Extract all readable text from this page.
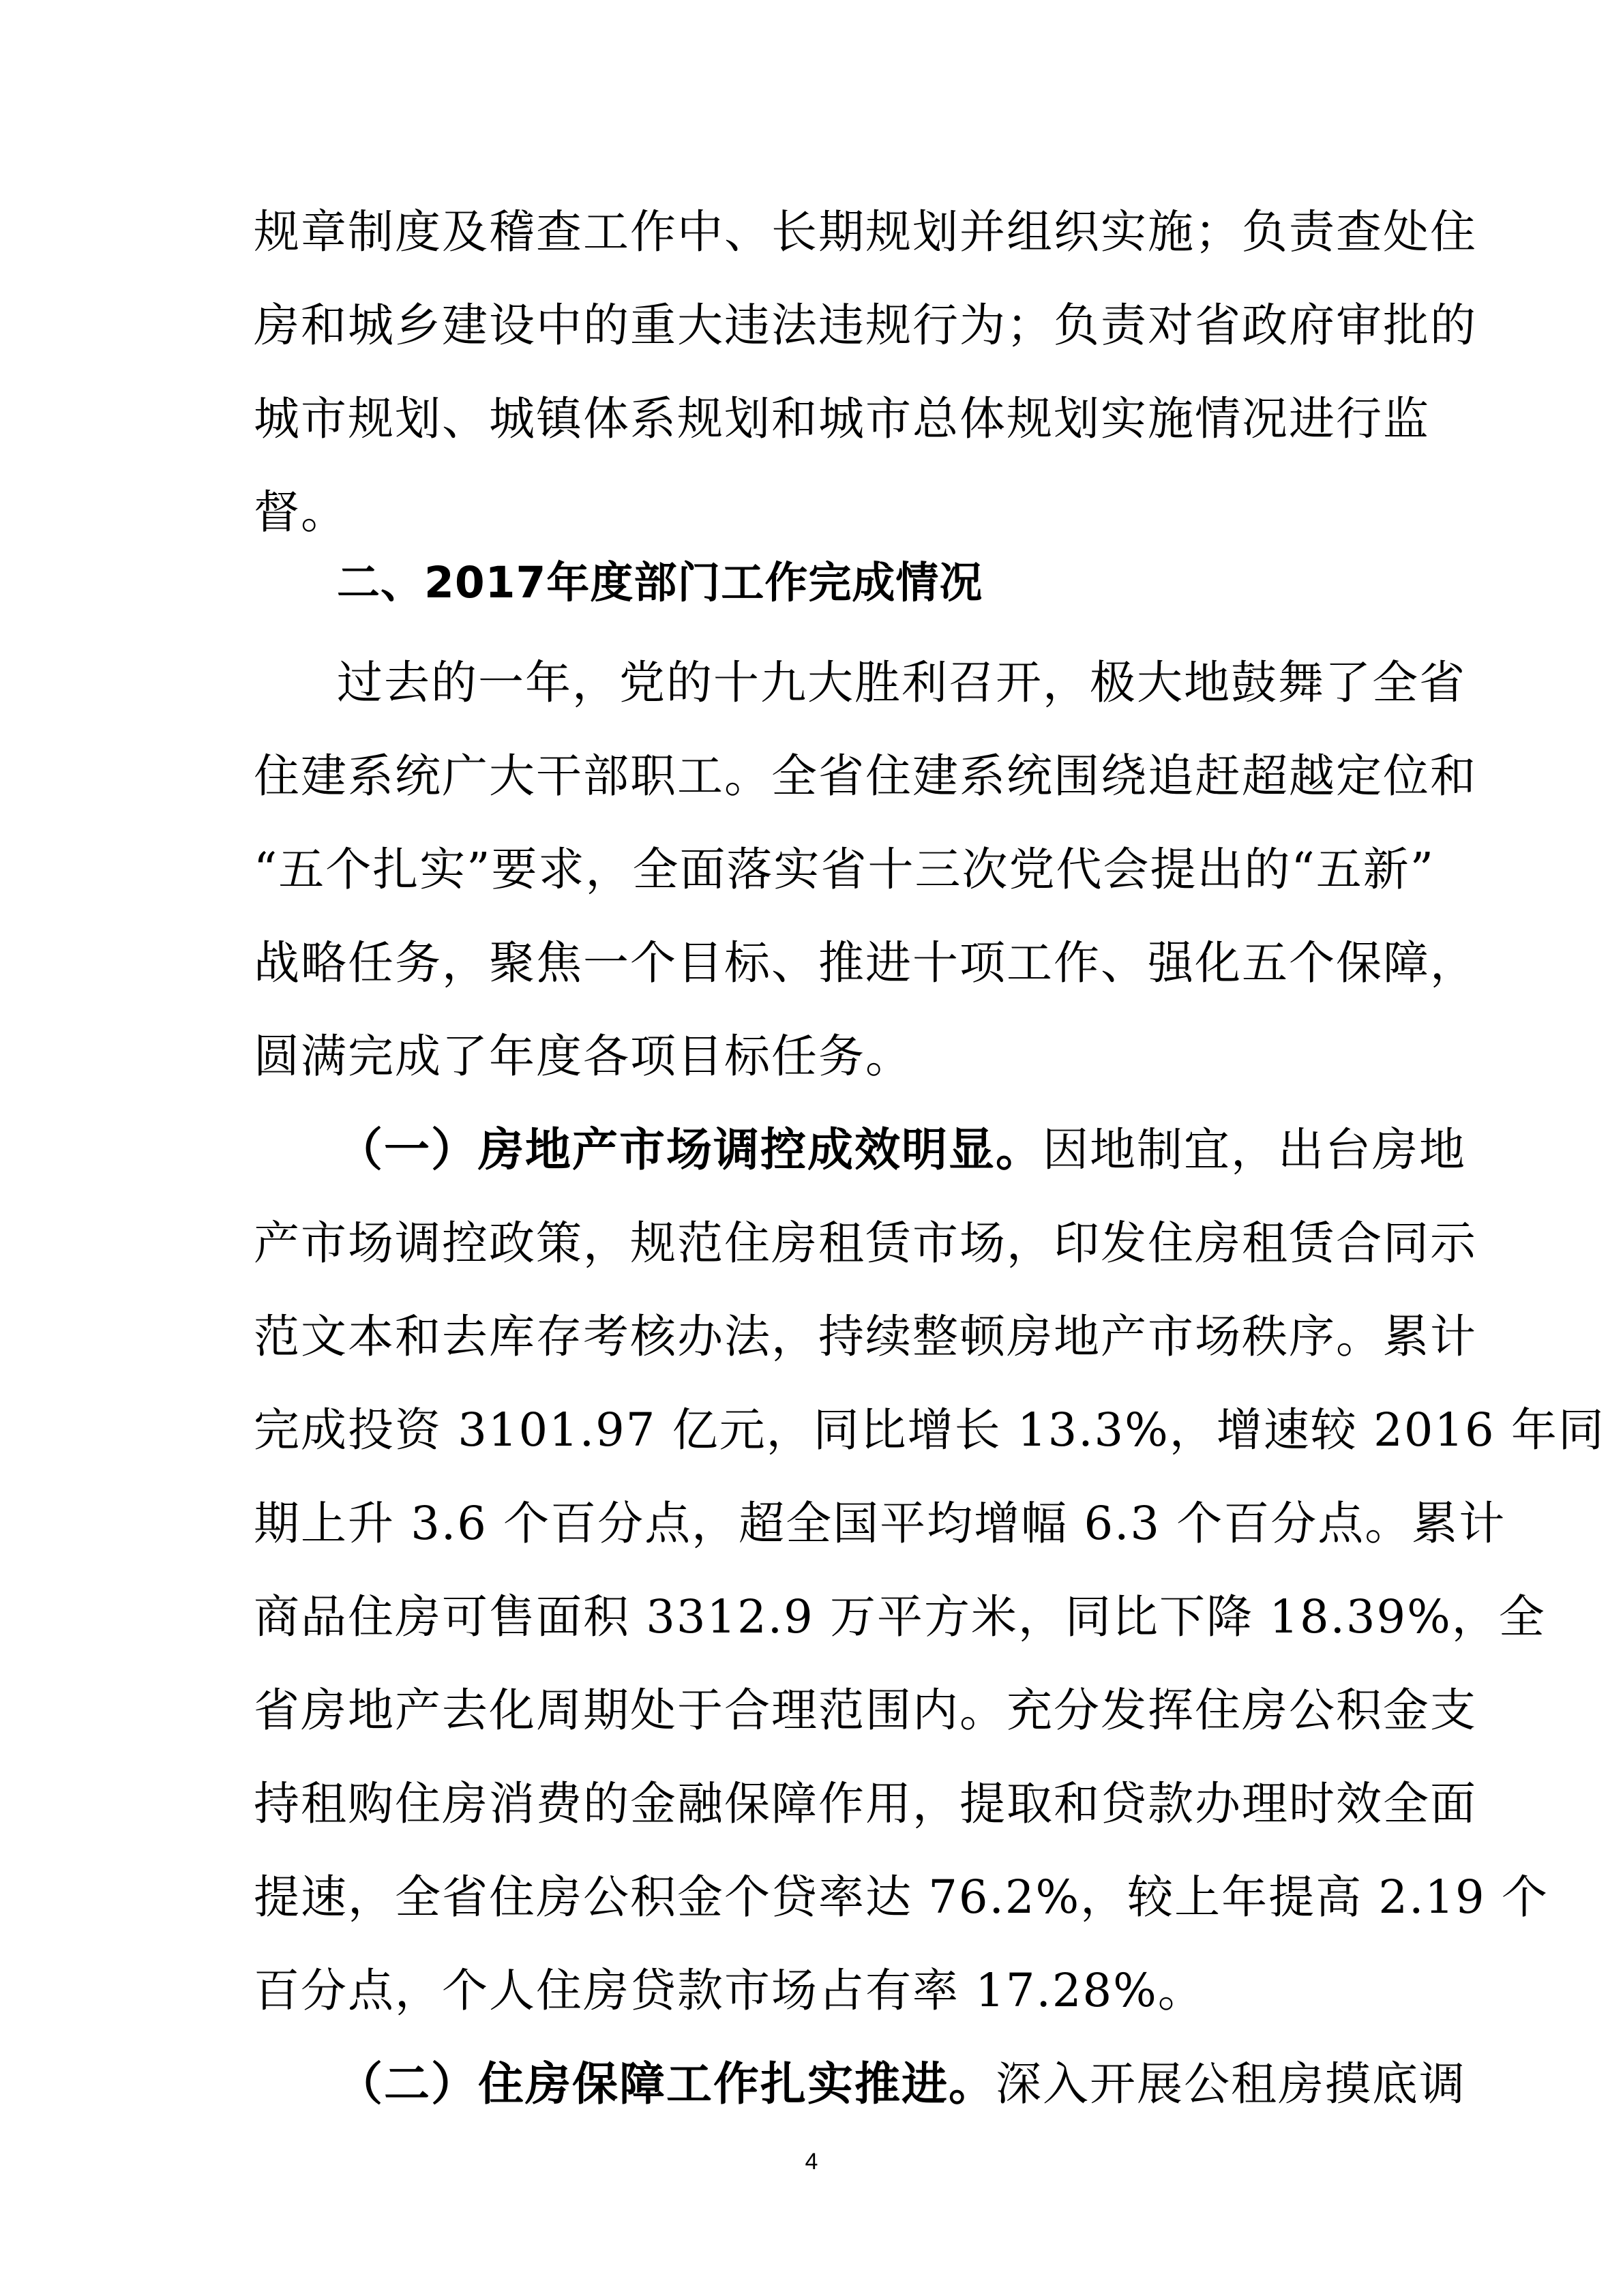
规章制度及稽查工作中、长期规划并组织实施；负责查处住
房和城乡建设中的重大违法违规行为；负责对省政府审批的
城市规划、城镇体系规划和城市总体规划实施情况进行监
督。
二、2017年度部门工作完成情况
过去的一年，党的十九大胜利召开，极大地鼓舞了全省
住建系统广大干部职工。全省住建系统围绕追赶超越定位和
“五个扎实”要求，全面落实省十三次党代会提出的“五新”
战略任务，聚焦一个目标、推进十项工作、强化五个保障，
圆满完成了年度各项目标任务。
（一）房地产市场调控成效明显。因地制宜，出台房地
产市场调控政策，规范住房租赁市场，印发住房租赁合同示
范文本和去库存考核办法，持续整顿房地产市场秩序。累计
完成投资 3101.97 亿元，同比增长 13.3%，增速较 2016 年同
期上升 3.6 个百分点，超全国平均增幅 6.3 个百分点。累计
商品住房可售面积 3312.9 万平方米，同比下降 18.39%，全
省房地产去化周期处于合理范围内。充分发挥住房公积金支
持租购住房消费的金融保障作用，提取和贷款办理时效全面
提速，全省住房公积金个贷率达 76.2%，较上年提高 2.19 个
百分点，个人住房贷款市场占有率 17.28%。
（二）住房保障工作扎实推进。深入开展公租房摸底调
4
